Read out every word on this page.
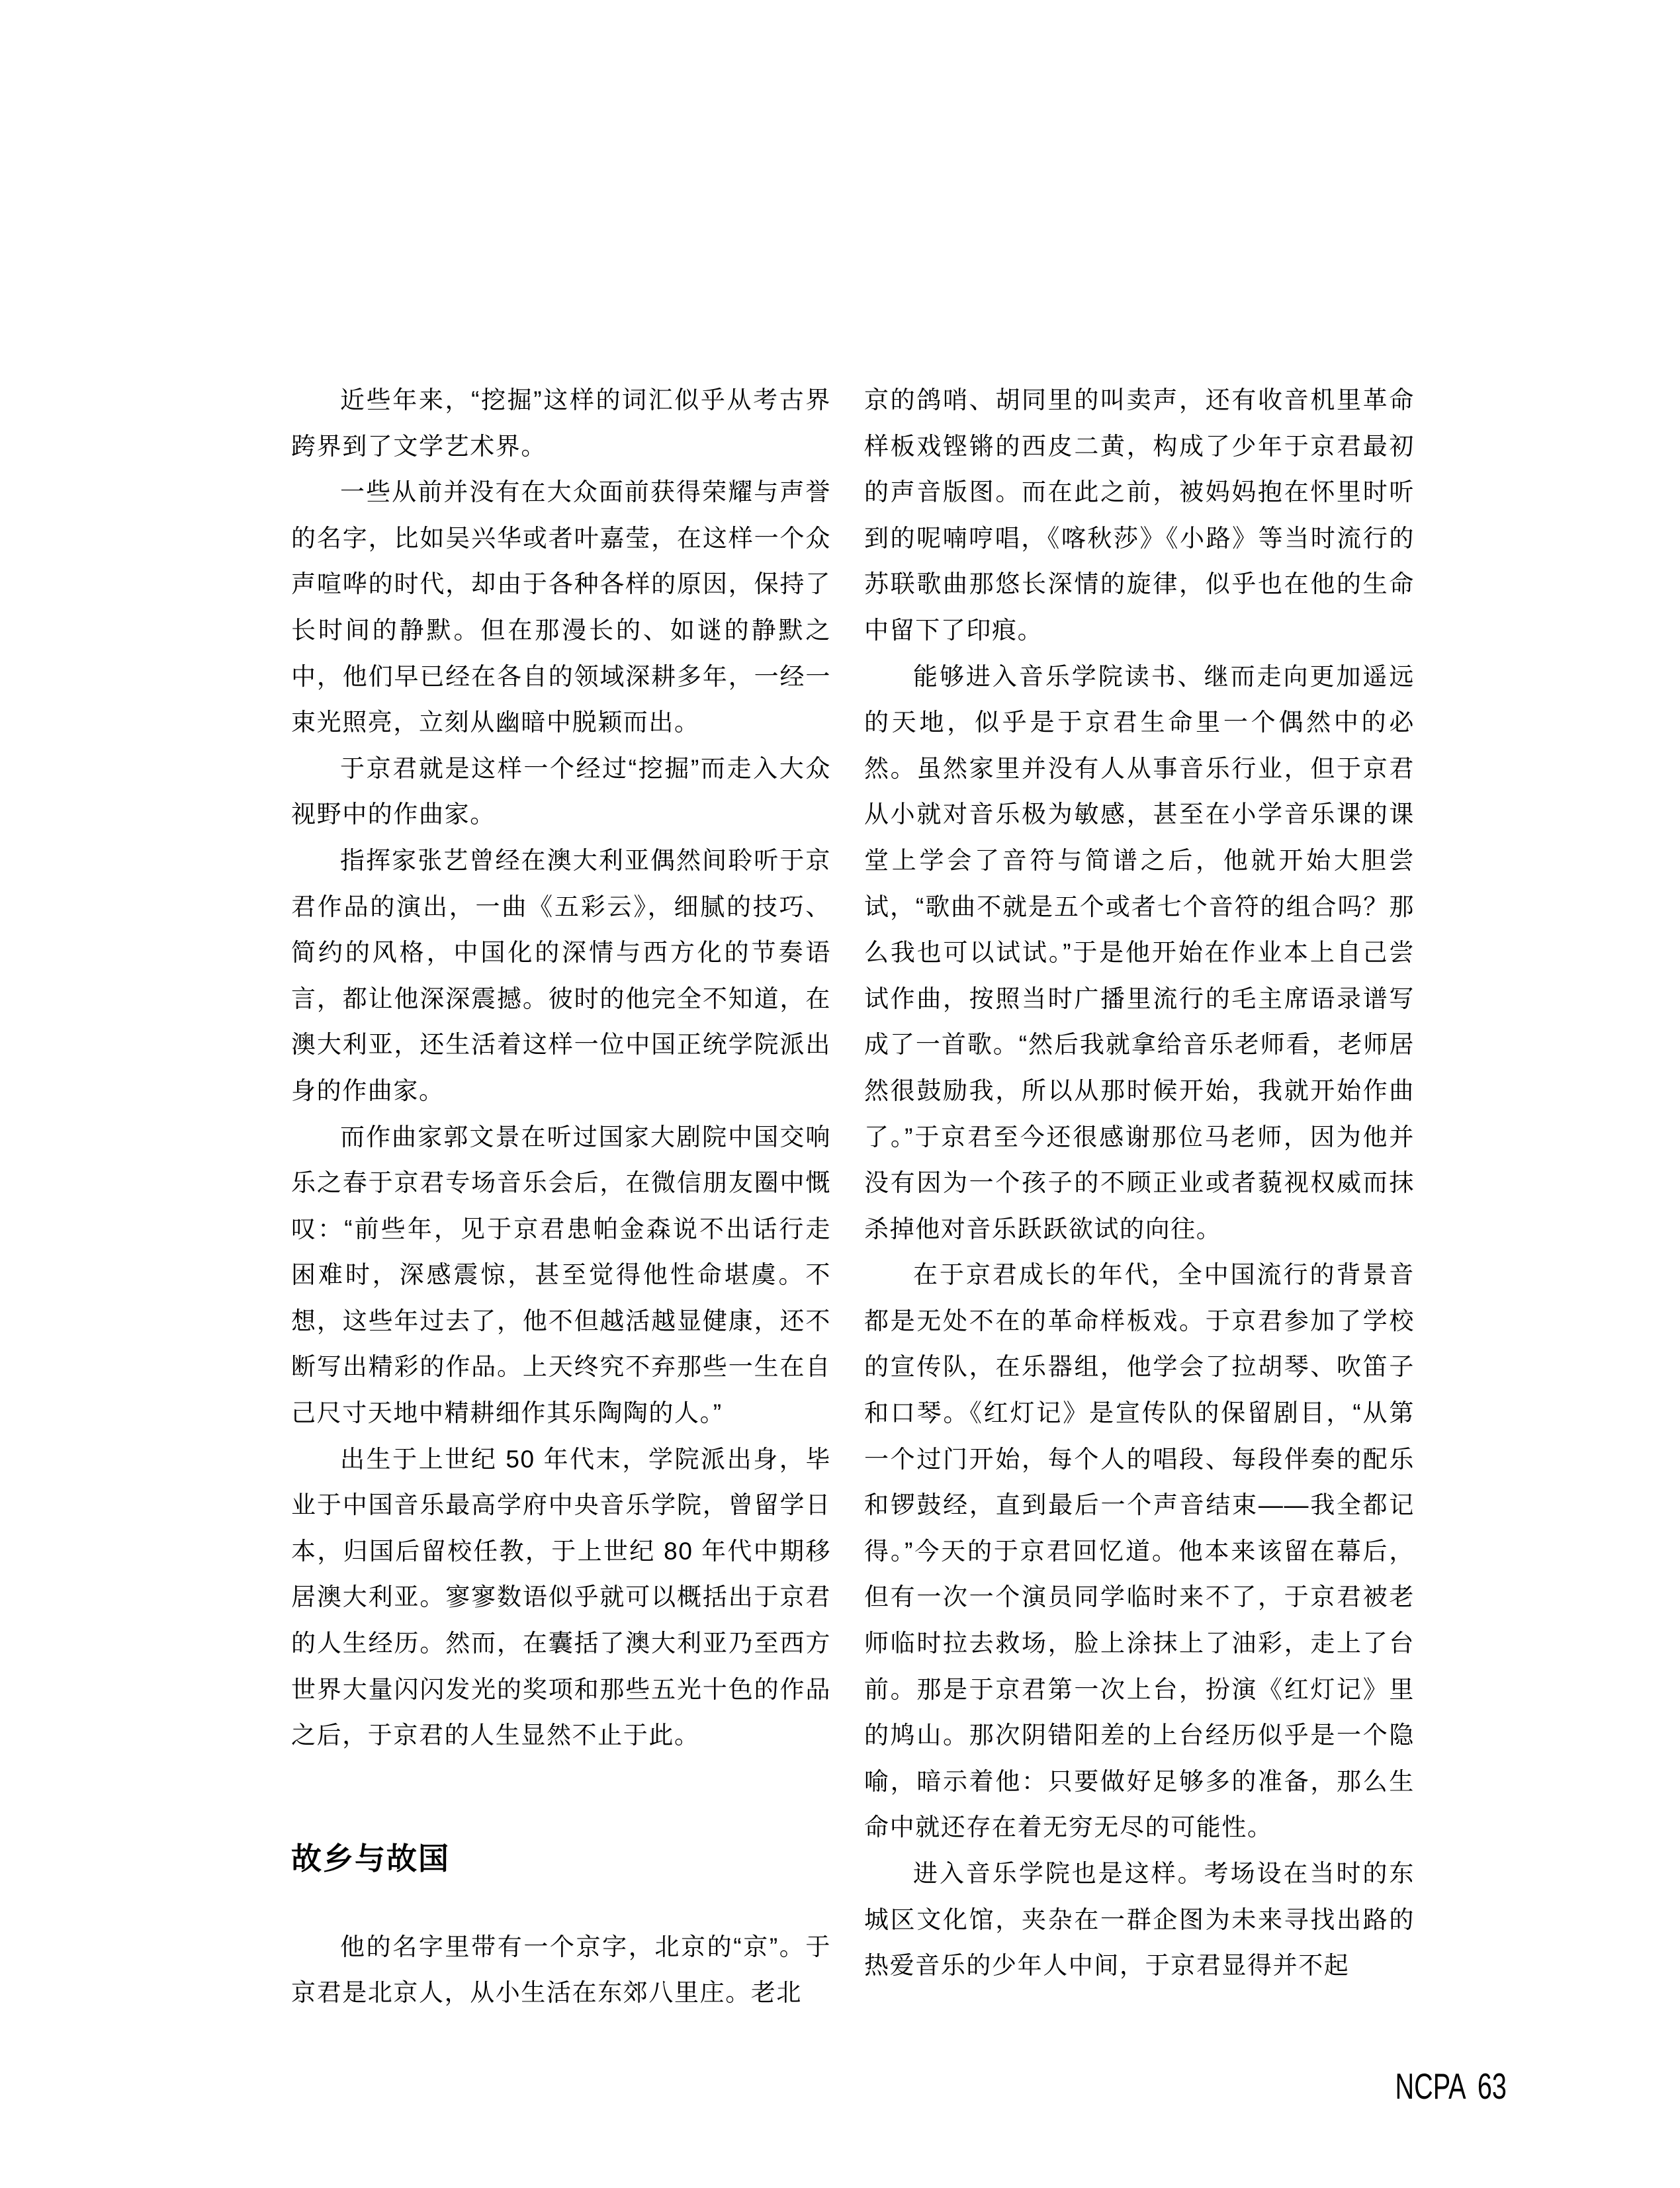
近些年来，“挖掘”这样的词汇似乎从考古界跨界到了文学艺术界。

一些从前并没有在大众面前获得荣耀与声誉的名字，比如吴兴华或者叶嘉莹，在这样一个众声喧哗的时代，却由于各种各样的原因，保持了长时间的静默。但在那漫长的、如谜的静默之中，他们早已经在各自的领域深耕多年，一经一束光照亮，立刻从幽暗中脱颖而出。

于京君就是这样一个经过“挖掘”而走入大众视野中的作曲家。

指挥家张艺曾经在澳大利亚偶然间聆听于京君作品的演出，一曲《五彩云》，细腻的技巧、简约的风格，中国化的深情与西方化的节奏语言，都让他深深震撼。彼时的他完全不知道，在澳大利亚，还生活着这样一位中国正统学院派出身的作曲家。

而作曲家郭文景在听过国家大剧院中国交响乐之春于京君专场音乐会后，在微信朋友圈中慨叹：“前些年，见于京君患帕金森说不出话行走困难时，深感震惊，甚至觉得他性命堪虞。不想，这些年过去了，他不但越活越显健康，还不断写出精彩的作品。上天终究不弃那些一生在自己尺寸天地中精耕细作其乐陶陶的人。”

出生于上世纪 50 年代末，学院派出身，毕业于中国音乐最高学府中央音乐学院，曾留学日本，归国后留校任教，于上世纪 80 年代中期移居澳大利亚。寥寥数语似乎就可以概括出于京君的人生经历。然而，在囊括了澳大利亚乃至西方世界大量闪闪发光的奖项和那些五光十色的作品之后，于京君的人生显然不止于此。

故乡与故国

他的名字里带有一个京字，北京的“京”。于京君是北京人，从小生活在东郊八里庄。老北

京的鸽哨、胡同里的叫卖声，还有收音机里革命样板戏铿锵的西皮二黄，构成了少年于京君最初的声音版图。而在此之前，被妈妈抱在怀里时听到的呢喃哼唱，《喀秋莎》《小路》等当时流行的苏联歌曲那悠长深情的旋律，似乎也在他的生命中留下了印痕。

能够进入音乐学院读书、继而走向更加遥远的天地，似乎是于京君生命里一个偶然中的必然。虽然家里并没有人从事音乐行业，但于京君从小就对音乐极为敏感，甚至在小学音乐课的课堂上学会了音符与简谱之后，他就开始大胆尝试，“歌曲不就是五个或者七个音符的组合吗？那么我也可以试试。”于是他开始在作业本上自己尝试作曲，按照当时广播里流行的毛主席语录谱写成了一首歌。“然后我就拿给音乐老师看，老师居然很鼓励我，所以从那时候开始，我就开始作曲了。”于京君至今还很感谢那位马老师，因为他并没有因为一个孩子的不顾正业或者藐视权威而抹杀掉他对音乐跃跃欲试的向往。

在于京君成长的年代，全中国流行的背景音都是无处不在的革命样板戏。于京君参加了学校的宣传队，在乐器组，他学会了拉胡琴、吹笛子和口琴。《红灯记》是宣传队的保留剧目，“从第一个过门开始，每个人的唱段、每段伴奏的配乐和锣鼓经，直到最后一个声音结束——我全都记得。”今天的于京君回忆道。他本来该留在幕后，但有一次一个演员同学临时来不了，于京君被老师临时拉去救场，脸上涂抹上了油彩，走上了台前。那是于京君第一次上台，扮演《红灯记》里的鸠山。那次阴错阳差的上台经历似乎是一个隐喻，暗示着他：只要做好足够多的准备，那么生命中就还存在着无穷无尽的可能性。

进入音乐学院也是这样。考场设在当时的东城区文化馆，夹杂在一群企图为未来寻找出路的热爱音乐的少年人中间，于京君显得并不起

NCPA 63
